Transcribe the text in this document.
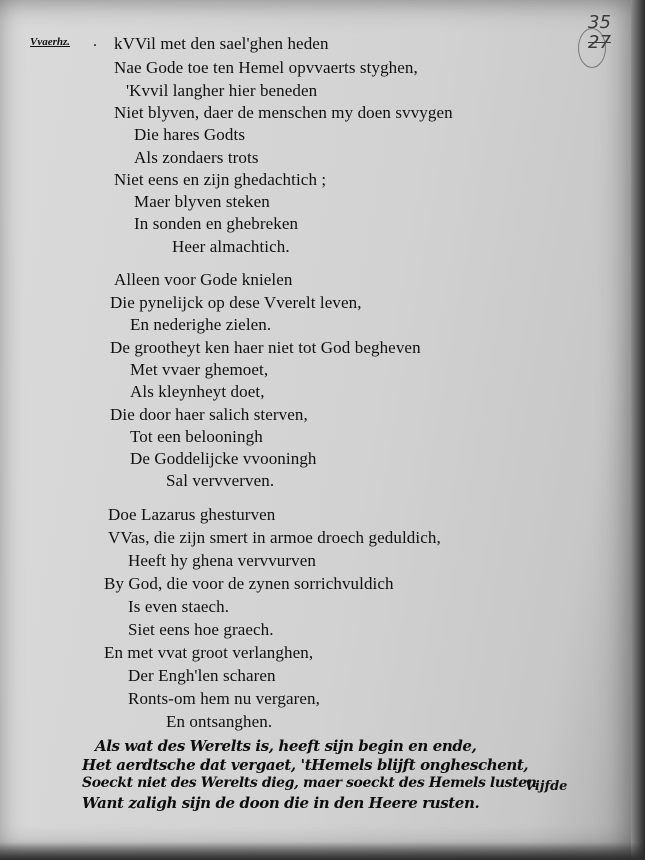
35
27
Vvaerhz. . kVVil met den sael'ghen heden
Nae Gode toe ten Hemel opvvaerts styghen,
'Kvvil langher hier beneden
Niet blyven, daer de menschen my doen svvygen
Die hares Godts
Als zondaers trots
Niet eens en zijn ghedachtich ;
Maer blyven steken
In sonden en ghebreken
Heer almachtich.
Alleen voor Gode knielen
Die pynelijck op dese Vverelt leven,
En nederighe zielen.
De grootheyt ken haer niet tot God begheven
Met vvaer ghemoet,
Als kleynheyt doet,
Die door haer salich sterven,
Tot een belooningh
De Goddelijcke vvooningh
Sal vervverven.
Doe Lazarus ghesturven
VVas, die zijn smert in armoe droech geduldich,
Heeft hy ghena vervvurven
By God, die voor de zynen sorrichvuldich
Is even staech.
Siet eens hoe graech.
En met vvat groot verlanghen,
Der Engh'len scharen
Ronts-om hem nu vergaren,
En ontsanghen.
Als wat des Werelts is, heeft sijn begin en ende,
Het aerdtsche dat vergaet, 'tHemels blijft ongheschent,
Soeckt niet des Werelts dieg, maer soeckt des Hemels lusten
Want zaligh sijn de doon die in den Heere rusten.
Vijfde
